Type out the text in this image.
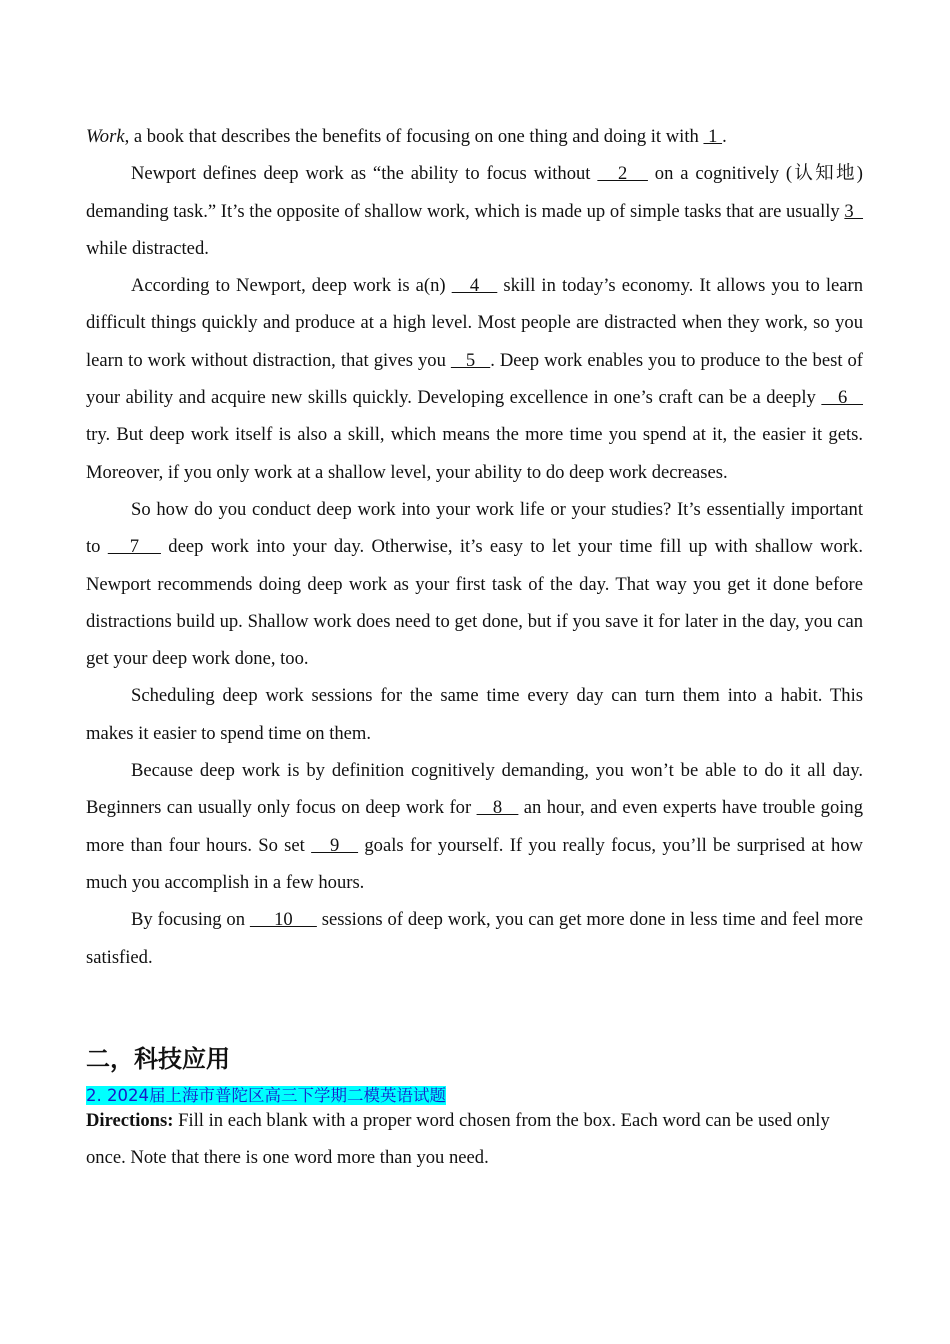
Work, a book that describes the benefits of focusing on one thing and doing it with  1 .

Newport defines deep work as “the ability to focus without    2    on a cognitively (认知地) demanding task.” It’s the opposite of shallow work, which is made up of simple tasks that are usually 3   while distracted.

According to Newport, deep work is a(n)    4    skill in today’s economy. It allows you to learn difficult things quickly and produce at a high level. Most people are distracted when they work, so you learn to work without distraction, that gives you    5   . Deep work enables you to produce to the best of your ability and acquire new skills quickly. Developing excellence in one’s craft can be a deeply    6    try. But deep work itself is also a skill, which means the more time you spend at it, the easier it gets. Moreover, if you only work at a shallow level, your ability to do deep work decreases.

So how do you conduct deep work into your work life or your studies? It’s essentially important to    7    deep work into your day. Otherwise, it’s easy to let your time fill up with shallow work. Newport recommends doing deep work as your first task of the day. That way you get it done before distractions build up. Shallow work does need to get done, but if you save it for later in the day, you can get your deep work done, too.

Scheduling deep work sessions for the same time every day can turn them into a habit. This makes it easier to spend time on them.

Because deep work is by definition cognitively demanding, you won’t be able to do it all day. Beginners can usually only focus on deep work for    8    an hour, and even experts have trouble going more than four hours. So set    9    goals for yourself. If you really focus, you’ll be surprised at how much you accomplish in a few hours.

By focusing on      10      sessions of deep work, you can get more done in less time and feel more satisfied.

二，科技应用
2. 2024届上海市普陀区高三下学期二模英语试题

Directions: Fill in each blank with a proper word chosen from the box. Each word can be used only once. Note that there is one word more than you need.
